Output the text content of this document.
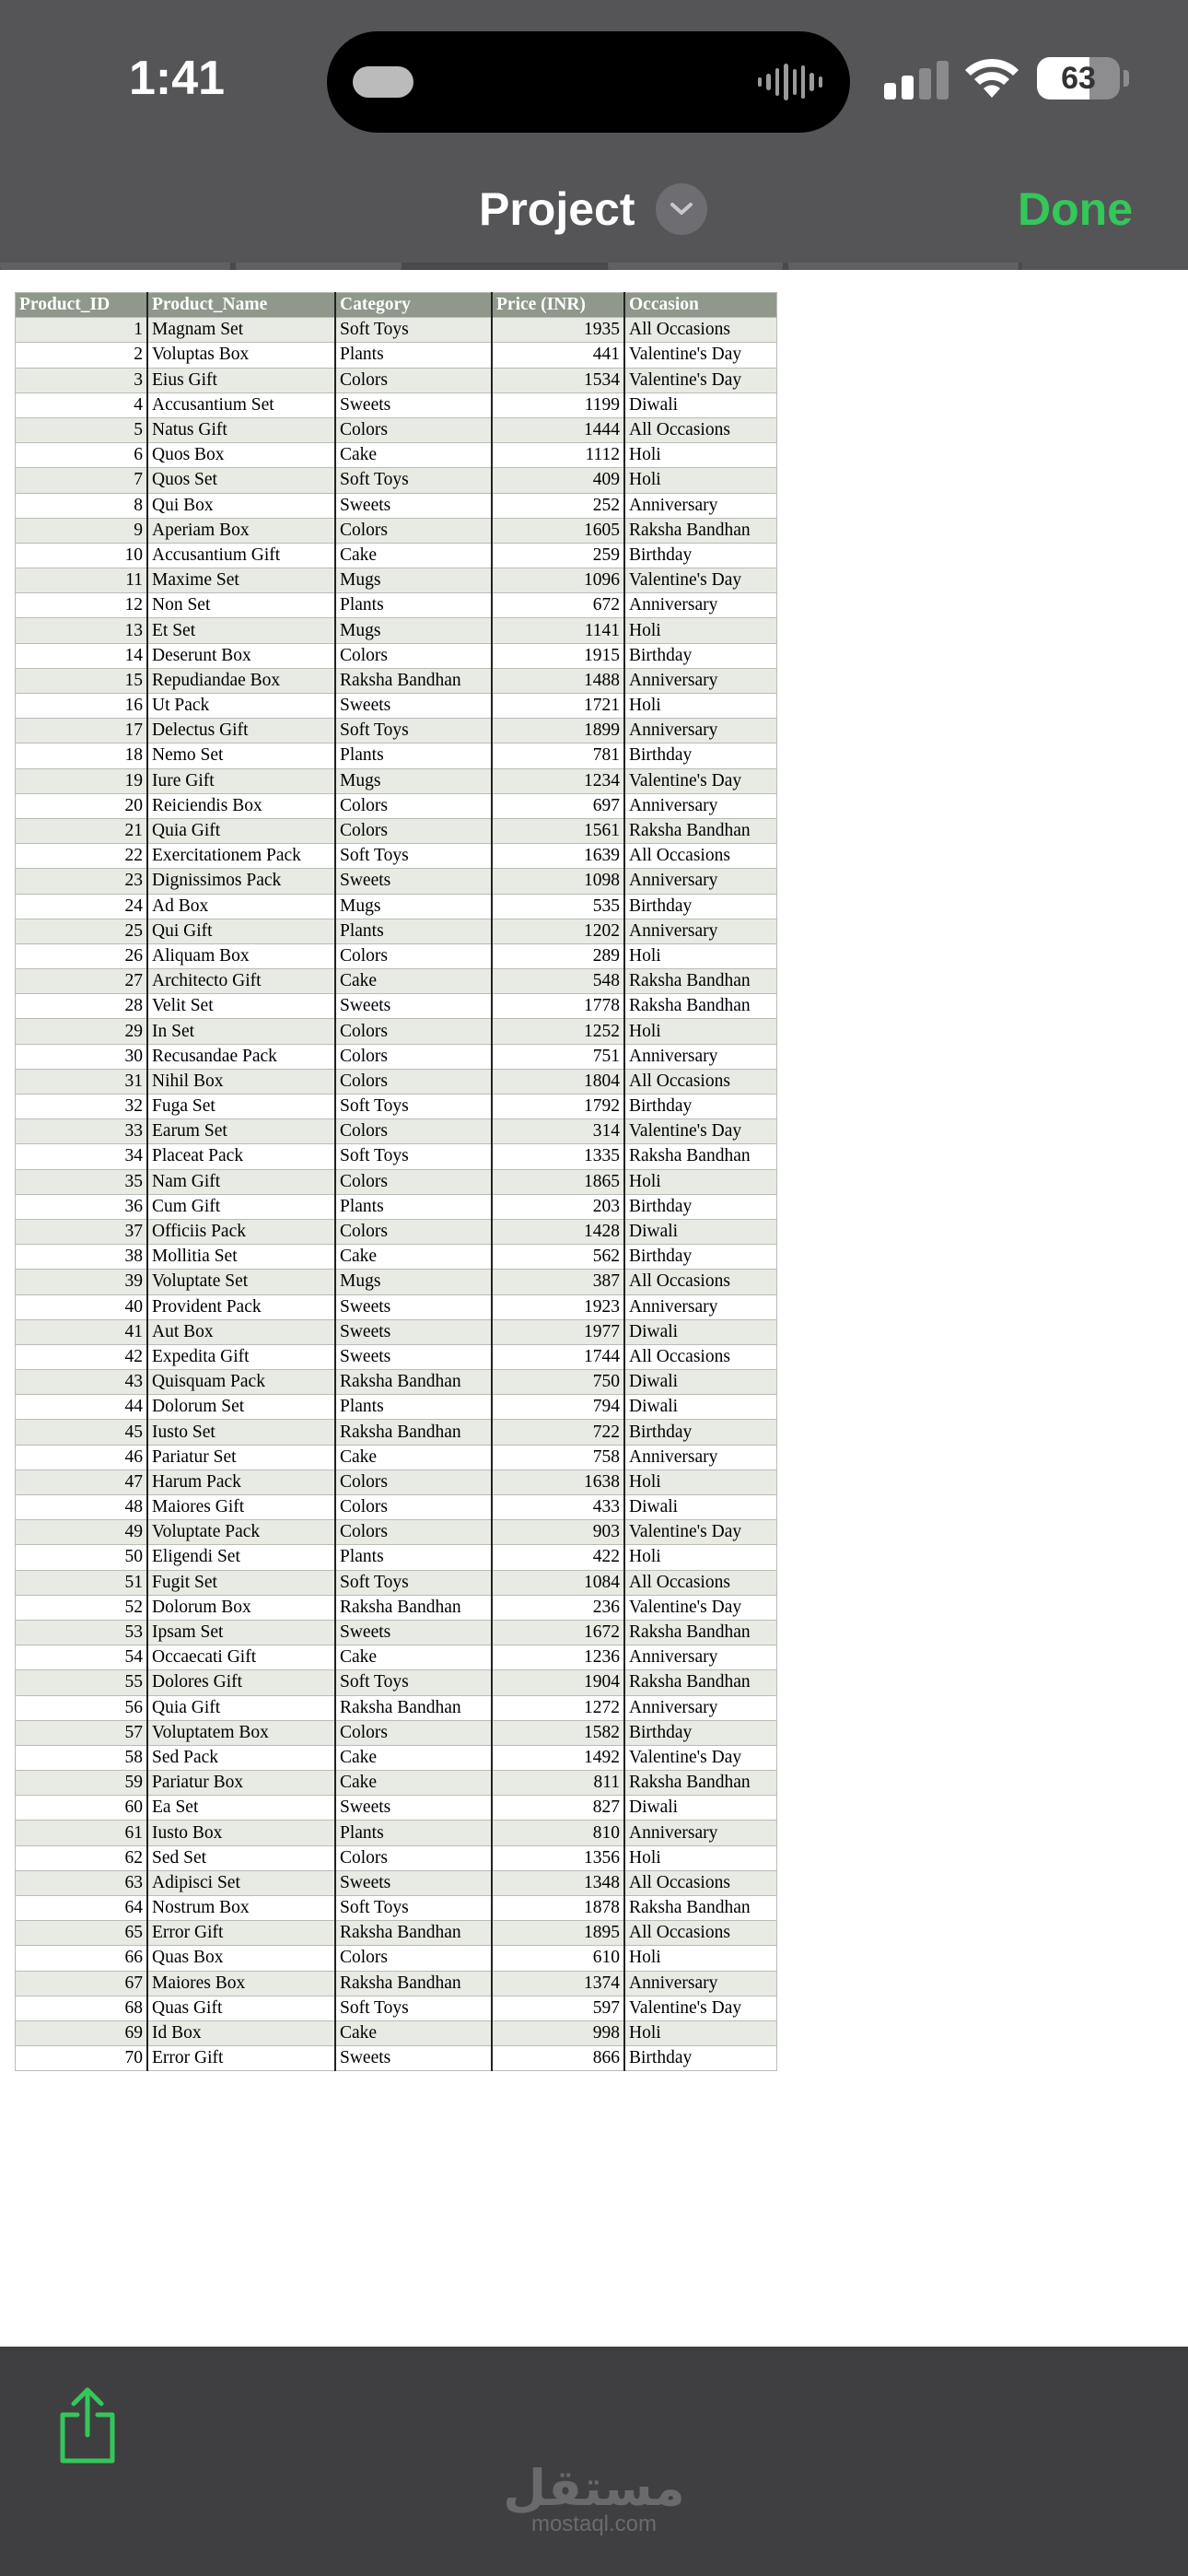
1:41	63
Project	Done
Product_ID	Product_Name	Category	Price (INR)	Occasion
1	Magnam Set	Soft Toys	1935	All Occasions
2	Voluptas Box	Plants	441	Valentine's Day
3	Eius Gift	Colors	1534	Valentine's Day
4	Accusantium Set	Sweets	1199	Diwali
5	Natus Gift	Colors	1444	All Occasions
6	Quos Box	Cake	1112	Holi
7	Quos Set	Soft Toys	409	Holi
8	Qui Box	Sweets	252	Anniversary
9	Aperiam Box	Colors	1605	Raksha Bandhan
10	Accusantium Gift	Cake	259	Birthday
11	Maxime Set	Mugs	1096	Valentine's Day
12	Non Set	Plants	672	Anniversary
13	Et Set	Mugs	1141	Holi
14	Deserunt Box	Colors	1915	Birthday
15	Repudiandae Box	Raksha Bandhan	1488	Anniversary
16	Ut Pack	Sweets	1721	Holi
17	Delectus Gift	Soft Toys	1899	Anniversary
18	Nemo Set	Plants	781	Birthday
19	Iure Gift	Mugs	1234	Valentine's Day
20	Reiciendis Box	Colors	697	Anniversary
21	Quia Gift	Colors	1561	Raksha Bandhan
22	Exercitationem Pack	Soft Toys	1639	All Occasions
23	Dignissimos Pack	Sweets	1098	Anniversary
24	Ad Box	Mugs	535	Birthday
25	Qui Gift	Plants	1202	Anniversary
26	Aliquam Box	Colors	289	Holi
27	Architecto Gift	Cake	548	Raksha Bandhan
28	Velit Set	Sweets	1778	Raksha Bandhan
29	In Set	Colors	1252	Holi
30	Recusandae Pack	Colors	751	Anniversary
31	Nihil Box	Colors	1804	All Occasions
32	Fuga Set	Soft Toys	1792	Birthday
33	Earum Set	Colors	314	Valentine's Day
34	Placeat Pack	Soft Toys	1335	Raksha Bandhan
35	Nam Gift	Colors	1865	Holi
36	Cum Gift	Plants	203	Birthday
37	Officiis Pack	Colors	1428	Diwali
38	Mollitia Set	Cake	562	Birthday
39	Voluptate Set	Mugs	387	All Occasions
40	Provident Pack	Sweets	1923	Anniversary
41	Aut Box	Sweets	1977	Diwali
42	Expedita Gift	Sweets	1744	All Occasions
43	Quisquam Pack	Raksha Bandhan	750	Diwali
44	Dolorum Set	Plants	794	Diwali
45	Iusto Set	Raksha Bandhan	722	Birthday
46	Pariatur Set	Cake	758	Anniversary
47	Harum Pack	Colors	1638	Holi
48	Maiores Gift	Colors	433	Diwali
49	Voluptate Pack	Colors	903	Valentine's Day
50	Eligendi Set	Plants	422	Holi
51	Fugit Set	Soft Toys	1084	All Occasions
52	Dolorum Box	Raksha Bandhan	236	Valentine's Day
53	Ipsam Set	Sweets	1672	Raksha Bandhan
54	Occaecati Gift	Cake	1236	Anniversary
55	Dolores Gift	Soft Toys	1904	Raksha Bandhan
56	Quia Gift	Raksha Bandhan	1272	Anniversary
57	Voluptatem Box	Colors	1582	Birthday
58	Sed Pack	Cake	1492	Valentine's Day
59	Pariatur Box	Cake	811	Raksha Bandhan
60	Ea Set	Sweets	827	Diwali
61	Iusto Box	Plants	810	Anniversary
62	Sed Set	Colors	1356	Holi
63	Adipisci Set	Sweets	1348	All Occasions
64	Nostrum Box	Soft Toys	1878	Raksha Bandhan
65	Error Gift	Raksha Bandhan	1895	All Occasions
66	Quas Box	Colors	610	Holi
67	Maiores Box	Raksha Bandhan	1374	Anniversary
68	Quas Gift	Soft Toys	597	Valentine's Day
69	Id Box	Cake	998	Holi
70	Error Gift	Sweets	866	Birthday
مستقل
mostaql.com
